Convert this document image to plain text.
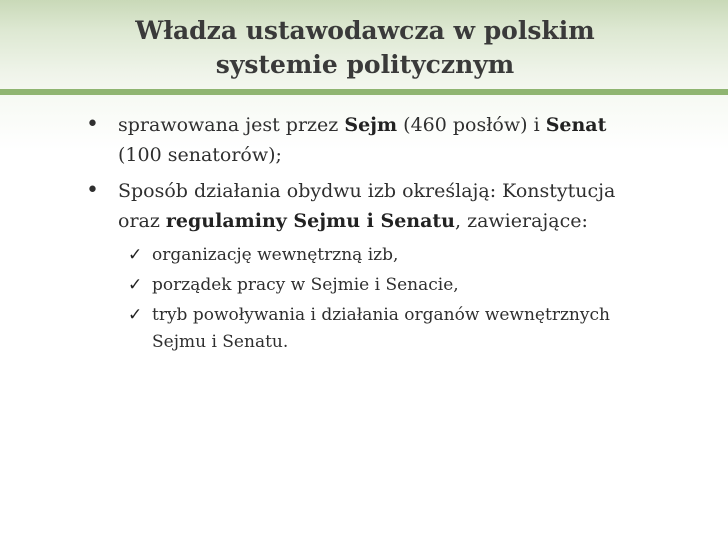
Władza ustawodawcza w polskim
systemie politycznym
• sprawowana jest przez Sejm (460 posłów) i Senat (100 senatorów);
• Sposób działania obydwu izb określają: Konstytucja oraz regulaminy Sejmu i Senatu, zawierające:
✓ organizację wewnętrzną izb,
✓ porządek pracy w Sejmie i Senacie,
✓ tryb powoływania i działania organów wewnętrznych Sejmu i Senatu.
